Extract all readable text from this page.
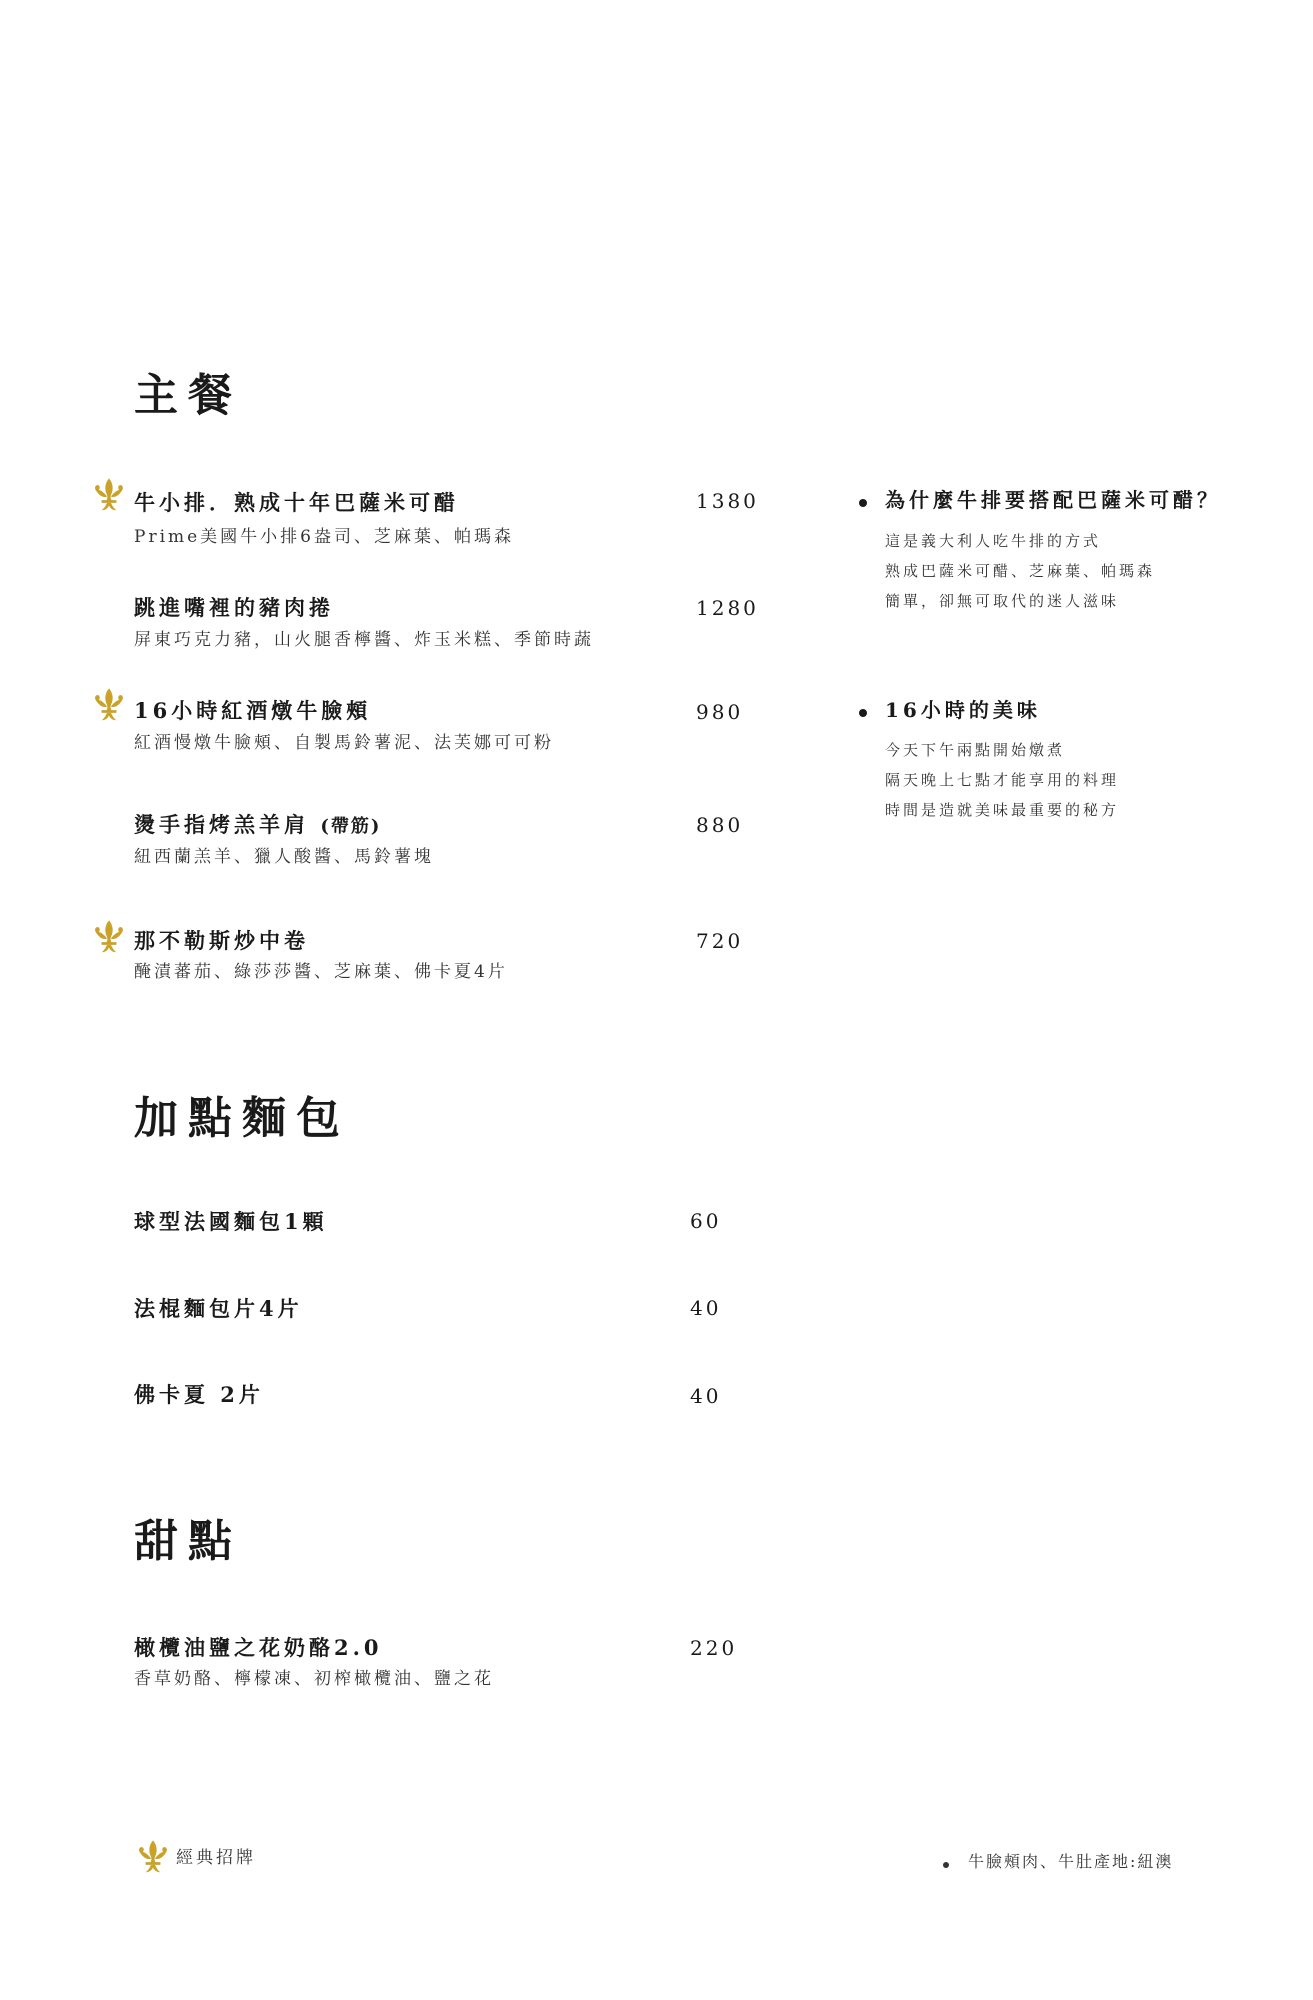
主餐
牛小排．熟成十年巴薩米可醋	1380
Prime美國牛小排6盎司、芝麻葉、帕瑪森
跳進嘴裡的豬肉捲	1280
屏東巧克力豬，山火腿香檸醬、炸玉米糕、季節時蔬
16小時紅酒燉牛臉頰	980
紅酒慢燉牛臉頰、自製馬鈴薯泥、法芙娜可可粉
燙手指烤羔羊肩 (帶筋)	880
紐西蘭羔羊、獵人酸醬、馬鈴薯塊
那不勒斯炒中卷	720
醃漬蕃茄、綠莎莎醬、芝麻葉、佛卡夏4片
為什麼牛排要搭配巴薩米可醋？
這是義大利人吃牛排的方式
熟成巴薩米可醋、芝麻葉、帕瑪森
簡單，卻無可取代的迷人滋味
16小時的美味
今天下午兩點開始燉煮
隔天晚上七點才能享用的料理
時間是造就美味最重要的秘方
加點麵包
球型法國麵包1顆	60
法棍麵包片4片	40
佛卡夏 2片	40
甜點
橄欖油鹽之花奶酪2.0	220
香草奶酪、檸檬凍、初榨橄欖油、鹽之花
經典招牌	牛臉頰肉、牛肚產地:紐澳
